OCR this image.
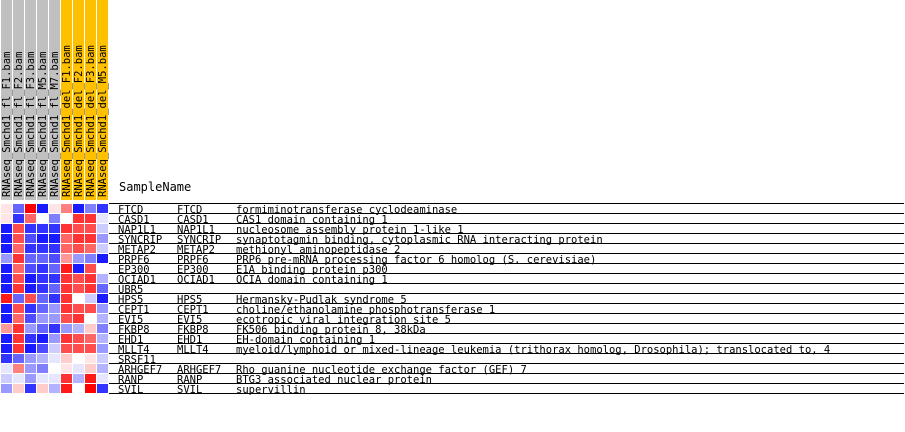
RNAseq_Smchd1_fl_F1.bam RNAseq_Smchd1_fl_F2.bam RNAseq_Smchd1_fl_F3.bam RNAseq_Smchd1_fl_M5.bam RNAseq_Smchd1_fl_M7.bam RNAseq_Smchd1_del_F1.bam RNAseq_Smchd1_del_F2.bam RNAseq_Smchd1_del_F3.bam RNAseq_Smchd1_del_M5.bam SampleName
FTCD	FTCD	formiminotransferase cyclodeaminase
CASD1	CASD1	CAS1 domain containing 1
NAP1L1 NAP1L1 nucleosome assembly protein 1-like 1
SYNCRIP SYNCRIP synaptotagmin binding, cytoplasmic RNA interacting protein
METAP2 METAP2 methionyl aminopeptidase 2
PRPF6	PRPF6	PRP6 pre-mRNA processing factor 6 homolog (S. cerevisiae)
EP300	EP300	E1A binding protein p300
OCIAD1 OCIAD1 OCIA domain containing 1
UBR5
HPS5	HPS5	Hermansky-Pudlak syndrome 5
CEPT1	CEPT1	choline/ethanolamine phosphotransferase 1
EVI5	EVI5	ecotropic viral integration site 5
FKBP8	FKBP8	FK506 binding protein 8, 38kDa
EHD1	EHD1	EH-domain containing 1
MLLT4	MLLT4	myeloid/lymphoid or mixed-lineage leukemia (trithorax homolog, Drosophila); translocated to, 4
SRSF11
ARHGEF7 ARHGEF7 Rho guanine nucleotide exchange factor (GEF) 7
RANP	RANP	BTG3 associated nuclear protein
SVIL	SVIL	supervillin
